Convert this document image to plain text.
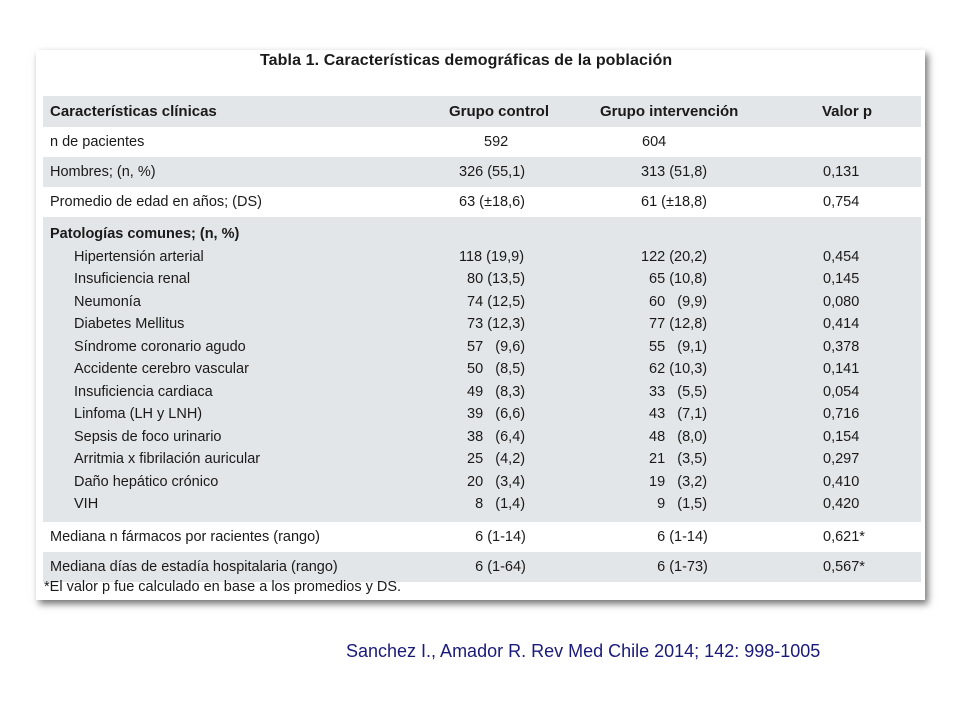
Tabla 1. Características demográficas de la población
Características clínicas	Grupo control	Grupo intervención	Valor p
n de pacientes	592	604	
Hombres; (n, %)	326 (55,1)	313 (51,8)	0,131
Promedio de edad en años; (DS)	63 (±18,6)	61 (±18,8)	0,754
Patologías comunes; (n, %)			
Hipertensión arterial	118 (19,9)	122 (20,2)	0,454
Insuficiencia renal	80 (13,5)	65 (10,8)	0,145
Neumonía	74 (12,5)	60   (9,9)	0,080
Diabetes Mellitus	73 (12,3)	77 (12,8)	0,414
Síndrome coronario agudo	57   (9,6)	55   (9,1)	0,378
Accidente cerebro vascular	50   (8,5)	62 (10,3)	0,141
Insuficiencia cardiaca	49   (8,3)	33   (5,5)	0,054
Linfoma (LH y LNH)	39   (6,6)	43   (7,1)	0,716
Sepsis de foco urinario	38   (6,4)	48   (8,0)	0,154
Arritmia x fibrilación auricular	25   (4,2)	21   (3,5)	0,297
Daño hepático crónico	20   (3,4)	19   (3,2)	0,410
VIH	8   (1,4)	9   (1,5)	0,420
Mediana n fármacos por racientes (rango)	6 (1-14)	6 (1-14)	0,621*
Mediana días de estadía hospitalaria (rango)	6 (1-64)	6 (1-73)	0,567*
*El valor p fue calculado en base a los promedios y DS.
Sanchez I., Amador R. Rev Med Chile 2014; 142: 998-1005
